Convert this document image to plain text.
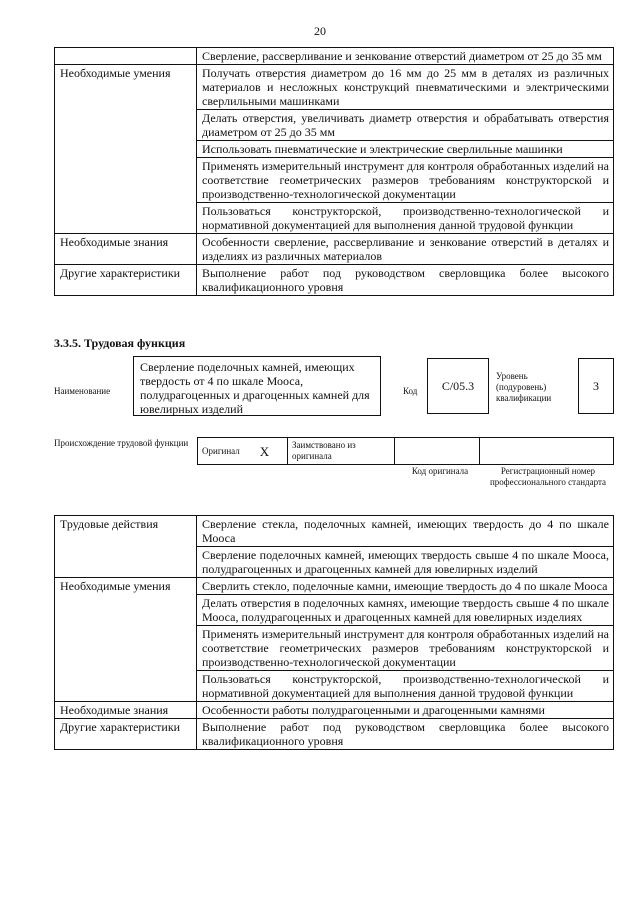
20
	Сверление, рассверливание и зенкование отверстий диаметром от 25 до 35 мм
Необходимые умения	Получать отверстия диаметром до 16 мм до 25 мм в деталях из различных материалов и несложных конструкций пневматическими и электрическими сверлильными машинками
	Делать отверстия, увеличивать диаметр отверстия и обрабатывать отверстия диаметром от 25 до 35 мм
	Использовать пневматические и электрические сверлильные машинки
	Применять измерительный инструмент для контроля обработанных изделий на соответствие геометрических размеров требованиям конструкторской и производственно-технологической документации
	Пользоваться конструкторской, производственно-технологической и нормативной документацией для выполнения данной трудовой функции
Необходимые знания	Особенности сверление, рассверливание и зенкование отверстий в деталях и изделиях из различных материалов
Другие характеристики	Выполнение работ под руководством сверловщика более высокого квалификационного уровня
3.3.5. Трудовая функция
Наименование
Сверление поделочных камней, имеющих твердость от 4 по шкале Мооса, полудрагоценных и драгоценных камней для ювелирных изделий
Код	C/05.3
Уровень (подуровень) квалификации
3
Происхождение трудовой функции
Оригинал X	Заимствовано из оригинала
Код оригинала	Регистрационный номер профессионального стандарта
Трудовые действия	Сверление стекла, поделочных камней, имеющих твердость до 4 по шкале Мооса
	Сверление поделочных камней, имеющих твердость свыше 4 по шкале Мооса, полудрагоценных и драгоценных камней для ювелирных изделий
Необходимые умения	Сверлить стекло, поделочные камни, имеющие твердость до 4 по шкале Мооса
	Делать отверстия в поделочных камнях, имеющие твердость свыше 4 по шкале Мооса, полудрагоценных и драгоценных камней для ювелирных изделиях
	Применять измерительный инструмент для контроля обработанных изделий на соответствие геометрических размеров требованиям конструкторской и производственно-технологической документации
	Пользоваться конструкторской, производственно-технологической и нормативной документацией для выполнения данной трудовой функции
Необходимые знания	Особенности работы полудрагоценными и драгоценными камнями
Другие характеристики	Выполнение работ под руководством сверловщика более высокого квалификационного уровня
